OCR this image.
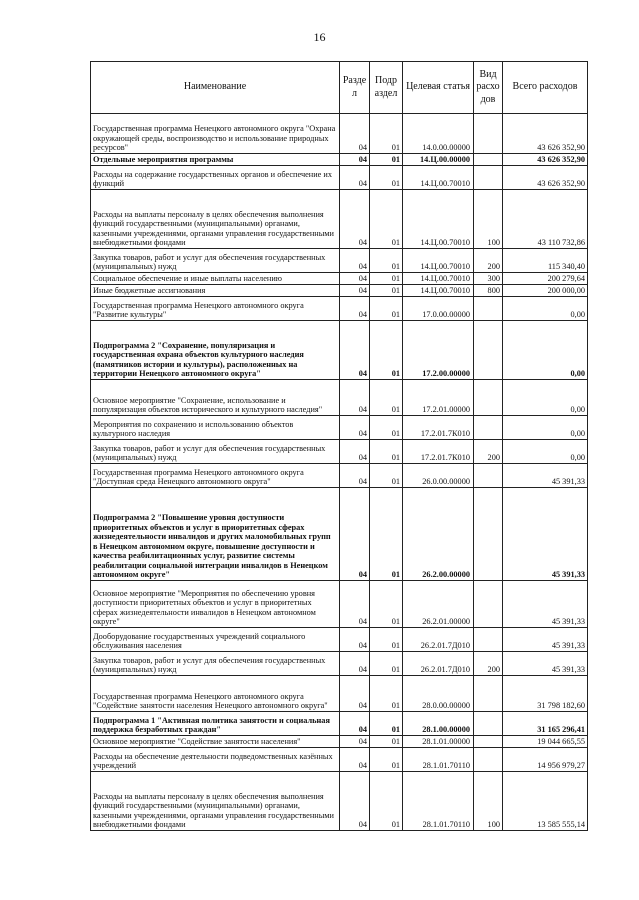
16
Наименование	Разде л	Подр аздел	Целевая статья	Вид расхо дов	Всего расходов
Государственная программа Ненецкого автономного округа "Охрана окружающей среды, воспроизводство и использование природных ресурсов"	04	01	14.0.00.00000		43 626 352,90
Отдельные мероприятия программы	04	01	14.Ц.00.00000		43 626 352,90
Расходы на содержание государственных органов и обеспечение их функций	04	01	14.Ц.00.70010		43 626 352,90
Расходы на выплаты персоналу в целях обеспечения выполнения функций государственными (муниципальными) органами, казенными учреждениями, органами управления государственными внебюджетными фондами	04	01	14.Ц.00.70010	100	43 110 732,86
Закупка товаров, работ и услуг для обеспечения государственных (муниципальных) нужд	04	01	14.Ц.00.70010	200	115 340,40
Социальное обеспечение и иные выплаты населению	04	01	14.Ц.00.70010	300	200 279,64
Иные бюджетные ассигнования	04	01	14.Ц.00.70010	800	200 000,00
Государственная программа Ненецкого автономного округа "Развитие культуры"	04	01	17.0.00.00000		0,00
Подпрограмма 2 "Сохранение, популяризация и государственная охрана объектов культурного наследия (памятников истории и культуры), расположенных на территории Ненецкого автономного округа"	04	01	17.2.00.00000		0,00
Основное мероприятие "Сохранение, использование и популяризация объектов исторического и культурного наследия"	04	01	17.2.01.00000		0,00
Мероприятия по сохранению и использованию объектов культурного наследия	04	01	17.2.01.7К010		0,00
Закупка товаров, работ и услуг для обеспечения государственных (муниципальных) нужд	04	01	17.2.01.7К010	200	0,00
Государственная программа Ненецкого автономного округа "Доступная среда Ненецкого автономного округа"	04	01	26.0.00.00000		45 391,33
Подпрограмма 2 "Повышение уровня доступности приоритетных объектов и услуг в приоритетных сферах жизнедеятельности инвалидов и других маломобильных групп в Ненецком автономном округе, повышение доступности и качества реабилитационных услуг, развитие системы реабилитации социальной интеграции инвалидов в Ненецком автономном округе"	04	01	26.2.00.00000		45 391,33
Основное мероприятие "Мероприятия по обеспечению уровня доступности приоритетных объектов и услуг в приоритетных сферах жизнедеятельности инвалидов в Ненецком автономном округе"	04	01	26.2.01.00000		45 391,33
Дооборудование государственных учреждений социального обслуживания населения	04	01	26.2.01.7Д010		45 391,33
Закупка товаров, работ и услуг для обеспечения государственных (муниципальных) нужд	04	01	26.2.01.7Д010	200	45 391,33
Государственная программа Ненецкого автономного округа "Содействие занятости населения Ненецкого автономного округа"	04	01	28.0.00.00000		31 798 182,60
Подпрограмма 1 "Активная политика занятости и социальная поддержка безработных граждан"	04	01	28.1.00.00000		31 165 296,41
Основное мероприятие "Содействие занятости населения"	04	01	28.1.01.00000		19 044 665,55
Расходы на обеспечение деятельности подведомственных казённых учреждений	04	01	28.1.01.70110		14 956 979,27
Расходы на выплаты персоналу в целях обеспечения выполнения функций государственными (муниципальными) органами, казенными учреждениями, органами управления государственными внебюджетными фондами	04	01	28.1.01.70110	100	13 585 555,14
